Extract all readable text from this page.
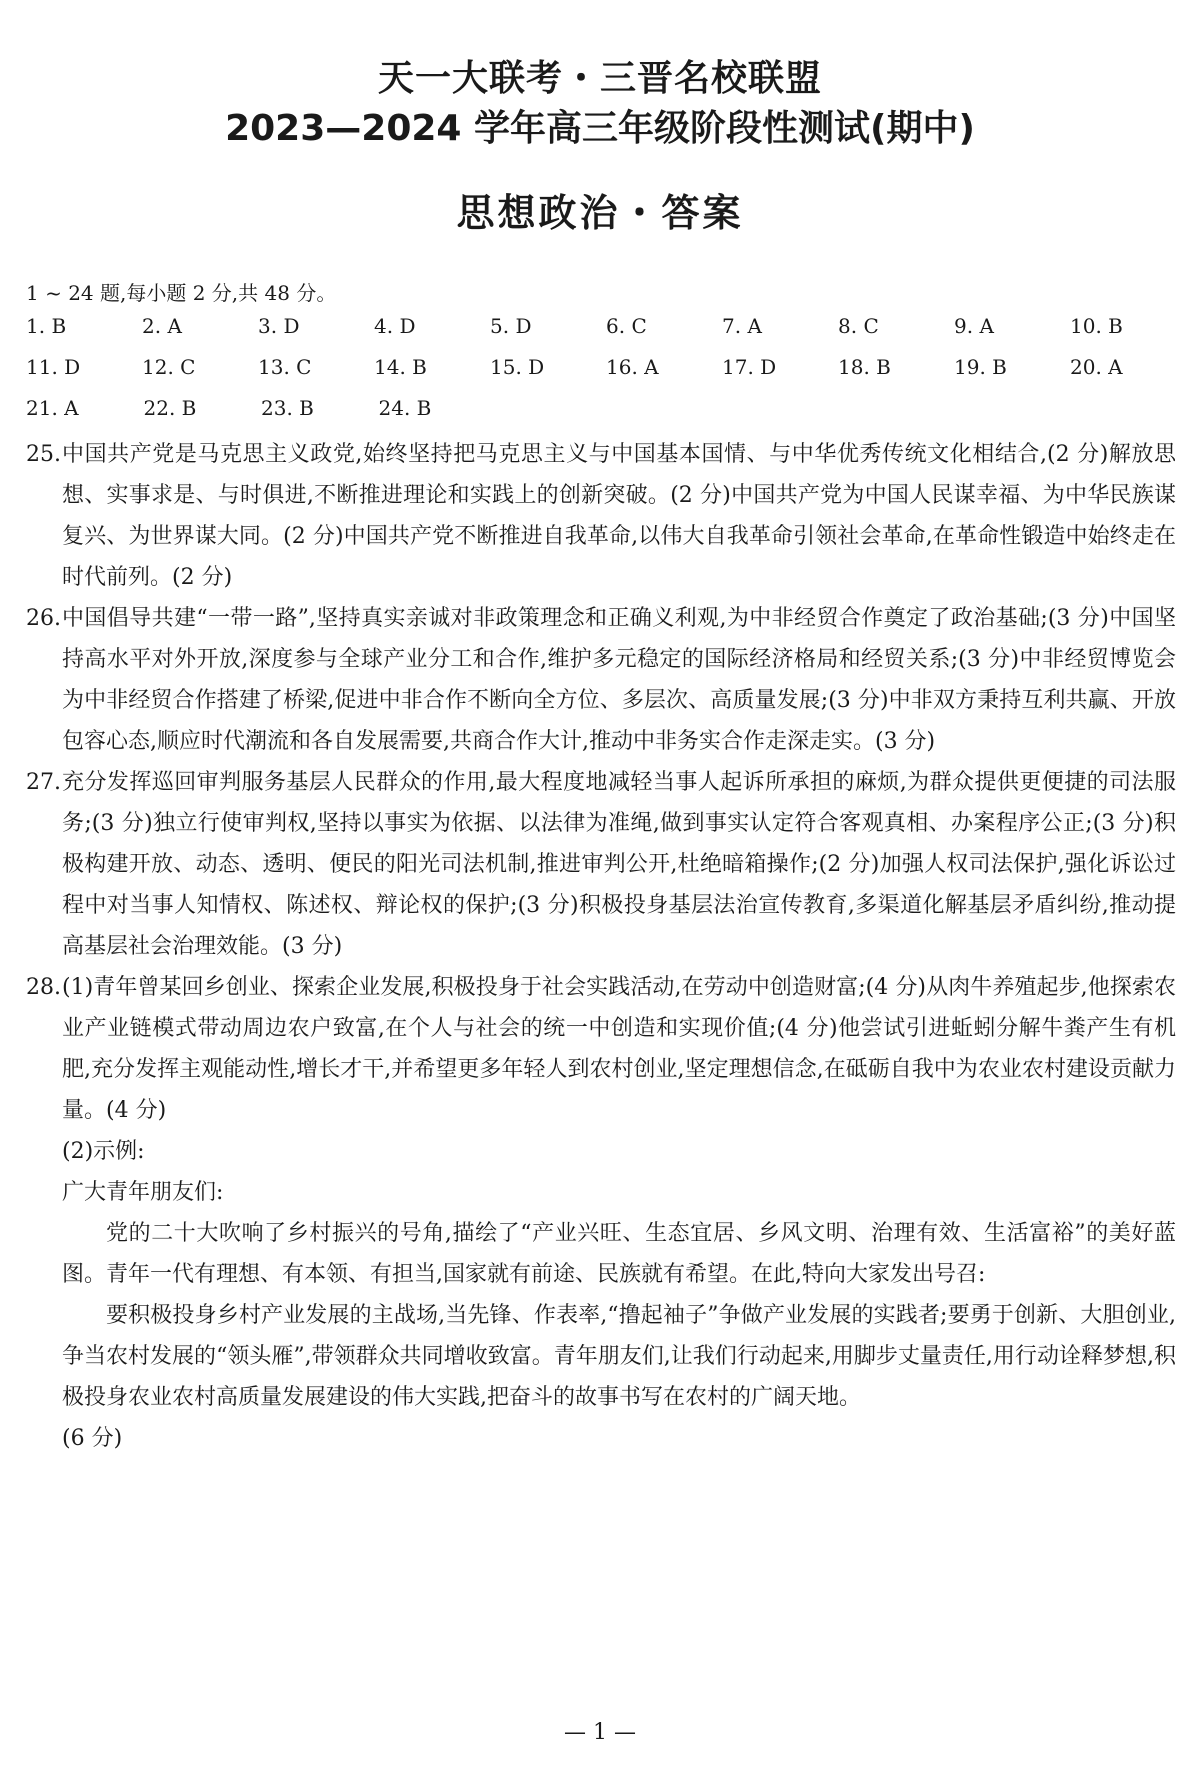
天一大联考・三晋名校联盟
2023—2024 学年高三年级阶段性测试(期中)
思想政治・答案
1 ~ 24 题,每小题 2 分,共 48 分。
1. B	2. A	3. D	4. D	5. D	6. C	7. A	8. C	9. A	10. B
11. D	12. C	13. C	14. B	15. D	16. A	17. D	18. B	19. B	20. A
21. A	22. B	23. B	24. B
25. 中国共产党是马克思主义政党,始终坚持把马克思主义与中国基本国情、与中华优秀传统文化相结合,(2 分)解放思想、实事求是、与时俱进,不断推进理论和实践上的创新突破。(2 分)中国共产党为中国人民谋幸福、为中华民族谋复兴、为世界谋大同。(2 分)中国共产党不断推进自我革命,以伟大自我革命引领社会革命,在革命性锻造中始终走在时代前列。(2 分)
26. 中国倡导共建“一带一路”,坚持真实亲诚对非政策理念和正确义利观,为中非经贸合作奠定了政治基础;(3 分)中国坚持高水平对外开放,深度参与全球产业分工和合作,维护多元稳定的国际经济格局和经贸关系;(3 分)中非经贸博览会为中非经贸合作搭建了桥梁,促进中非合作不断向全方位、多层次、高质量发展;(3 分)中非双方秉持互利共赢、开放包容心态,顺应时代潮流和各自发展需要,共商合作大计,推动中非务实合作走深走实。(3 分)
27. 充分发挥巡回审判服务基层人民群众的作用,最大程度地减轻当事人起诉所承担的麻烦,为群众提供更便捷的司法服务;(3 分)独立行使审判权,坚持以事实为依据、以法律为准绳,做到事实认定符合客观真相、办案程序公正;(3 分)积极构建开放、动态、透明、便民的阳光司法机制,推进审判公开,杜绝暗箱操作;(2 分)加强人权司法保护,强化诉讼过程中对当事人知情权、陈述权、辩论权的保护;(3 分)积极投身基层法治宣传教育,多渠道化解基层矛盾纠纷,推动提高基层社会治理效能。(3 分)
28. (1)青年曾某回乡创业、探索企业发展,积极投身于社会实践活动,在劳动中创造财富;(4 分)从肉牛养殖起步,他探索农业产业链模式带动周边农户致富,在个人与社会的统一中创造和实现价值;(4 分)他尝试引进蚯蚓分解牛粪产生有机肥,充分发挥主观能动性,增长才干,并希望更多年轻人到农村创业,坚定理想信念,在砥砺自我中为农业农村建设贡献力量。(4 分)
(2)示例:
广大青年朋友们:
党的二十大吹响了乡村振兴的号角,描绘了“产业兴旺、生态宜居、乡风文明、治理有效、生活富裕”的美好蓝图。青年一代有理想、有本领、有担当,国家就有前途、民族就有希望。在此,特向大家发出号召:
要积极投身乡村产业发展的主战场,当先锋、作表率,“撸起袖子”争做产业发展的实践者;要勇于创新、大胆创业,争当农村发展的“领头雁”,带领群众共同增收致富。青年朋友们,让我们行动起来,用脚步丈量责任,用行动诠释梦想,积极投身农业农村高质量发展建设的伟大实践,把奋斗的故事书写在农村的广阔天地。
(6 分)
— 1 —
